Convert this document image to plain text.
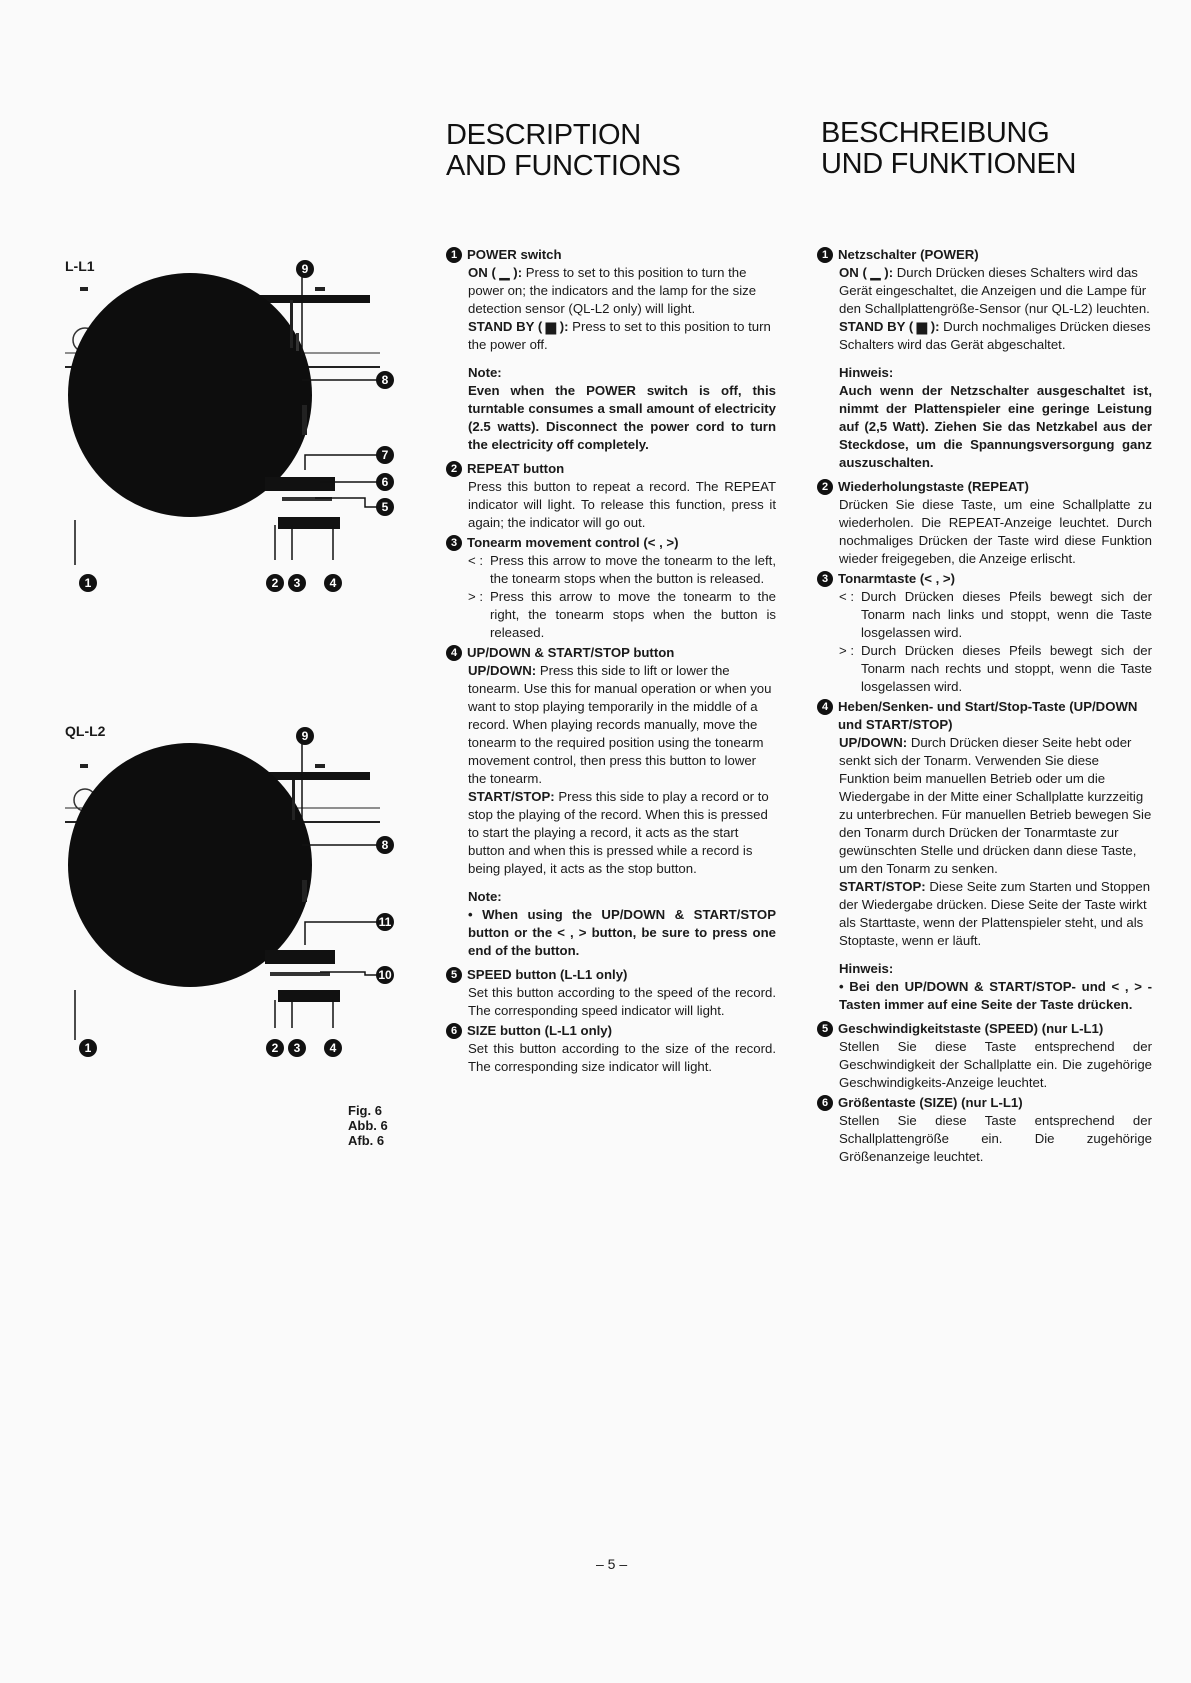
DESCRIPTION
AND FUNCTIONS
BESCHREIBUNG
UND FUNKTIONEN
L-L1
QL-L2
9
8
7
6
5
1	2 3 4
9
8
11
10
1	2 3 4
Fig. 6
Abb. 6
Afb. 6
1 POWER switch
ON ( ▁ ): Press to set to this position to turn the power on; the indicators and the lamp for the size detection sensor (QL-L2 only) will light.
STAND BY ( ▆ ): Press to set to this position to turn the power off.
Note:
Even when the POWER switch is off, this turntable consumes a small amount of electricity (2.5 watts). Disconnect the power cord to turn the electricity off completely.
2 REPEAT button
Press this button to repeat a record. The REPEAT indicator will light. To release this function, press it again; the indicator will go out.
3 Tonearm movement control (< , >)
< : Press this arrow to move the tonearm to the left, the tonearm stops when the button is released.
> : Press this arrow to move the tonearm to the right, the tonearm stops when the button is released.
4 UP/DOWN & START/STOP button
UP/DOWN: Press this side to lift or lower the tonearm. Use this for manual operation or when you want to stop playing temporarily in the middle of a record. When playing records manually, move the tonearm to the required position using the tonearm movement control, then press this button to lower the tonearm.
START/STOP: Press this side to play a record or to stop the playing of the record. When this is pressed to start the playing a record, it acts as the start button and when this is pressed while a record is being played, it acts as the stop button.
Note:
• When using the UP/DOWN & START/STOP button or the < , > button, be sure to press one end of the button.
5 SPEED button (L-L1 only)
Set this button according to the speed of the record. The corresponding speed indicator will light.
6 SIZE button (L-L1 only)
Set this button according to the size of the record. The corresponding size indicator will light.
1 Netzschalter (POWER)
ON ( ▁ ): Durch Drücken dieses Schalters wird das Gerät eingeschaltet, die Anzeigen und die Lampe für den Schallplattengröße-Sensor (nur QL-L2) leuchten.
STAND BY ( ▆ ): Durch nochmaliges Drücken dieses Schalters wird das Gerät abgeschaltet.
Hinweis:
Auch wenn der Netzschalter ausgeschaltet ist, nimmt der Plattenspieler eine geringe Leistung auf (2,5 Watt). Ziehen Sie das Netzkabel aus der Steckdose, um die Spannungsversorgung ganz auszuschalten.
2 Wiederholungstaste (REPEAT)
Drücken Sie diese Taste, um eine Schallplatte zu wiederholen. Die REPEAT-Anzeige leuchtet. Durch nochmaliges Drücken der Taste wird diese Funktion wieder freigegeben, die Anzeige erlischt.
3 Tonarmtaste (< , >)
< : Durch Drücken dieses Pfeils bewegt sich der Tonarm nach links und stoppt, wenn die Taste losgelassen wird.
> : Durch Drücken dieses Pfeils bewegt sich der Tonarm nach rechts und stoppt, wenn die Taste losgelassen wird.
4 Heben/Senken- und Start/Stop-Taste (UP/DOWN und START/STOP)
UP/DOWN: Durch Drücken dieser Seite hebt oder senkt sich der Tonarm. Verwenden Sie diese Funktion beim manuellen Betrieb oder um die Wiedergabe in der Mitte einer Schallplatte kurzzeitig zu unterbrechen. Für manuellen Betrieb bewegen Sie den Tonarm durch Drücken der Tonarmtaste zur gewünschten Stelle und drücken dann diese Taste, um den Tonarm zu senken.
START/STOP: Diese Seite zum Starten und Stoppen der Wiedergabe drücken. Diese Seite der Taste wirkt als Starttaste, wenn der Plattenspieler steht, und als Stoptaste, wenn er läuft.
Hinweis:
• Bei den UP/DOWN & START/STOP- und < , > -Tasten immer auf eine Seite der Taste drücken.
5 Geschwindigkeitstaste (SPEED) (nur L-L1)
Stellen Sie diese Taste entsprechend der Geschwindigkeit der Schallplatte ein. Die zugehörige Geschwindigkeits-Anzeige leuchtet.
6 Größentaste (SIZE) (nur L-L1)
Stellen Sie diese Taste entsprechend der Schallplattengröße ein. Die zugehörige Größenanzeige leuchtet.
– 5 –
